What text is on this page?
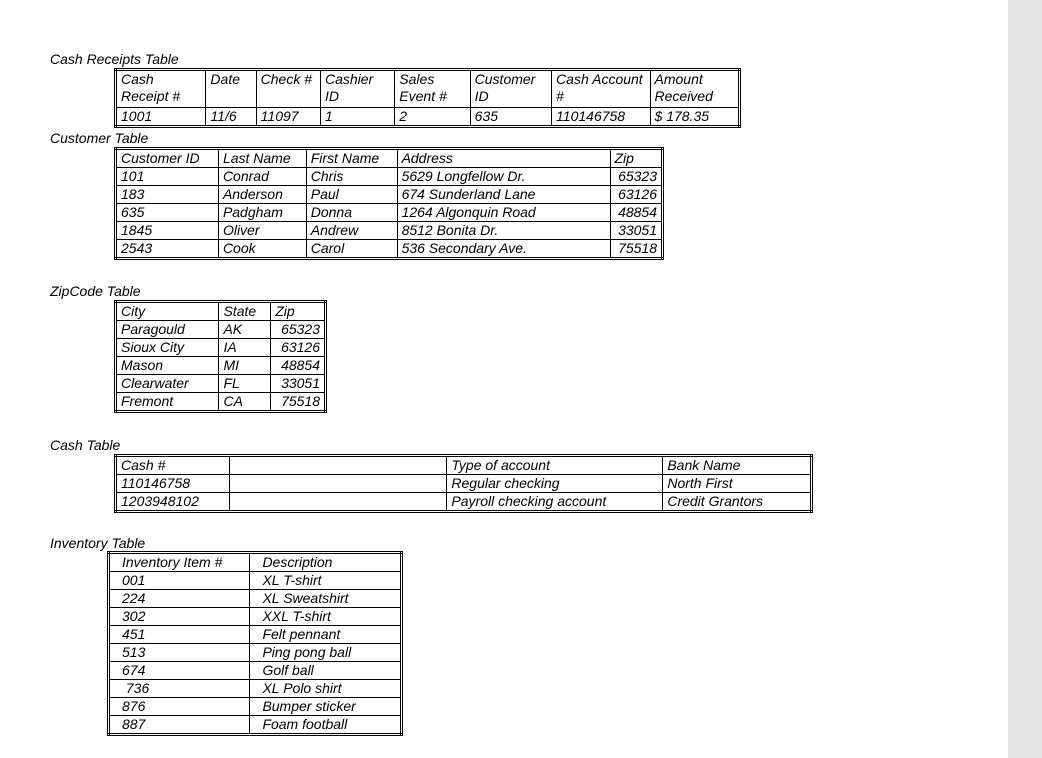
Cash Receipts Table
Cash Receipt #	Date	Check #	Cashier ID	Sales Event #	Customer ID	Cash Account #	Amount Received
1001	11/6	11097	1	2	635	110146758	$ 178.35
Customer Table
Customer ID	Last Name	First Name	Address	Zip
101	Conrad	Chris	5629 Longfellow Dr.	65323
183	Anderson	Paul	674 Sunderland Lane	63126
635	Padgham	Donna	1264 Algonquin Road	48854
1845	Oliver	Andrew	8512 Bonita Dr.	33051
2543	Cook	Carol	536 Secondary Ave.	75518
ZipCode Table
City	State	Zip
Paragould	AK	65323
Sioux City	IA	63126
Mason	MI	48854
Clearwater	FL	33051
Fremont	CA	75518
Cash Table
Cash #		Type of account	Bank Name
110146758		Regular checking	North First
1203948102		Payroll checking account	Credit Grantors
Inventory Table
Inventory Item #	Description
001	XL T-shirt
224	XL Sweatshirt
302	XXL T-shirt
451	Felt pennant
513	Ping pong ball
674	Golf ball
736	XL Polo shirt
876	Bumper sticker
887	Foam football
